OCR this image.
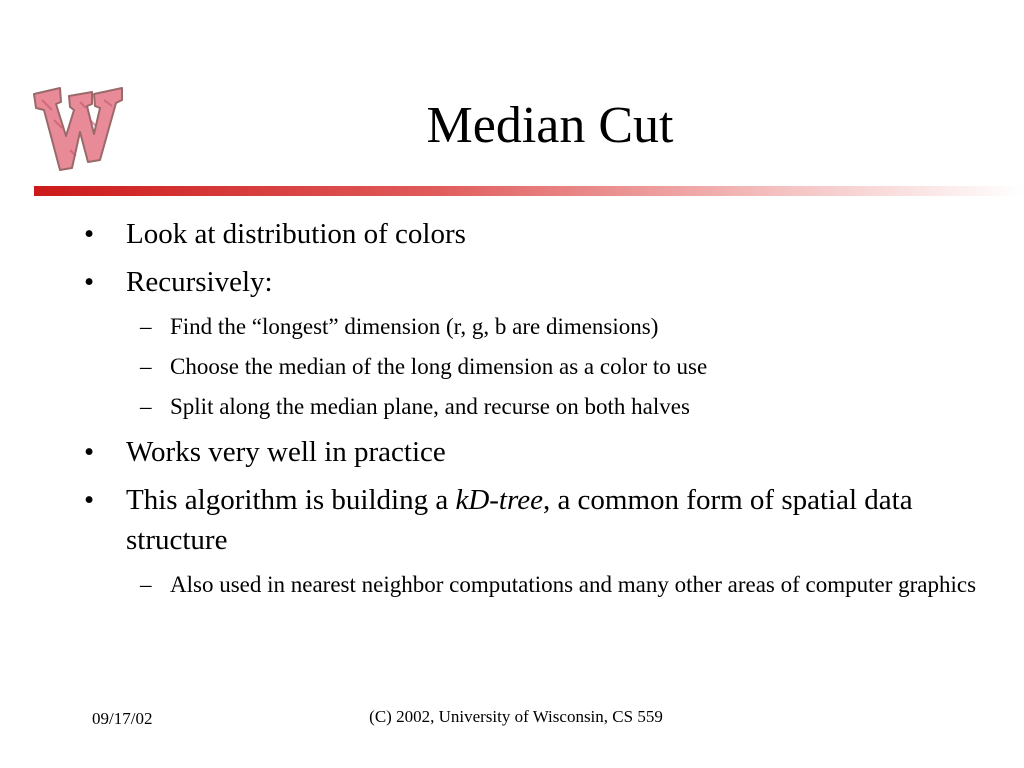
Median Cut
•	Look at distribution of colors
•	Recursively:
– Find the “longest” dimension (r, g, b are dimensions)
– Choose the median of the long dimension as a color to use
– Split along the median plane, and recurse on both halves
•	Works very well in practice
•	This algorithm is building a kD-tree, a common form of spatial data structure
– Also used in nearest neighbor computations and many other areas of computer graphics
09/17/02	(C) 2002, University of Wisconsin, CS 559
